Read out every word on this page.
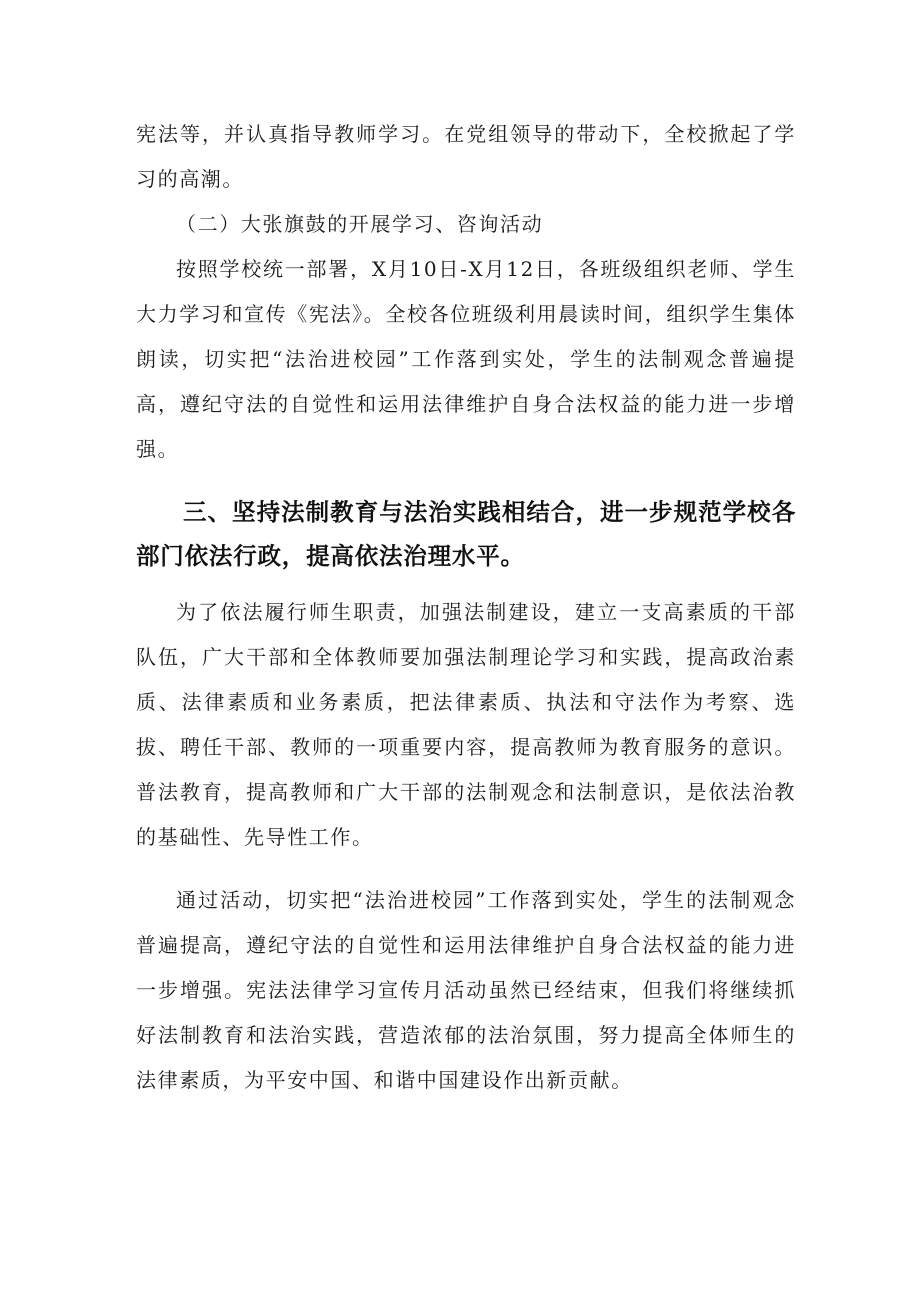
宪法等，并认真指导教师学习。在党组领导的带动下，全校掀起了学习的高潮。

（二）大张旗鼓的开展学习、咨询活动

按照学校统一部署，X月10日-X月12日，各班级组织老师、学生大力学习和宣传《宪法》。全校各位班级利用晨读时间，组织学生集体朗读，切实把“法治进校园”工作落到实处，学生的法制观念普遍提高，遵纪守法的自觉性和运用法律维护自身合法权益的能力进一步增强。

三、坚持法制教育与法治实践相结合，进一步规范学校各部门依法行政，提高依法治理水平。

为了依法履行师生职责，加强法制建设，建立一支高素质的干部队伍，广大干部和全体教师要加强法制理论学习和实践，提高政治素质、法律素质和业务素质，把法律素质、执法和守法作为考察、选拔、聘任干部、教师的一项重要内容，提高教师为教育服务的意识。普法教育，提高教师和广大干部的法制观念和法制意识，是依法治教的基础性、先导性工作。

通过活动，切实把“法治进校园”工作落到实处，学生的法制观念普遍提高，遵纪守法的自觉性和运用法律维护自身合法权益的能力进一步增强。宪法法律学习宣传月活动虽然已经结束，但我们将继续抓好法制教育和法治实践，营造浓郁的法治氛围，努力提高全体师生的法律素质，为平安中国、和谐中国建设作出新贡献。
